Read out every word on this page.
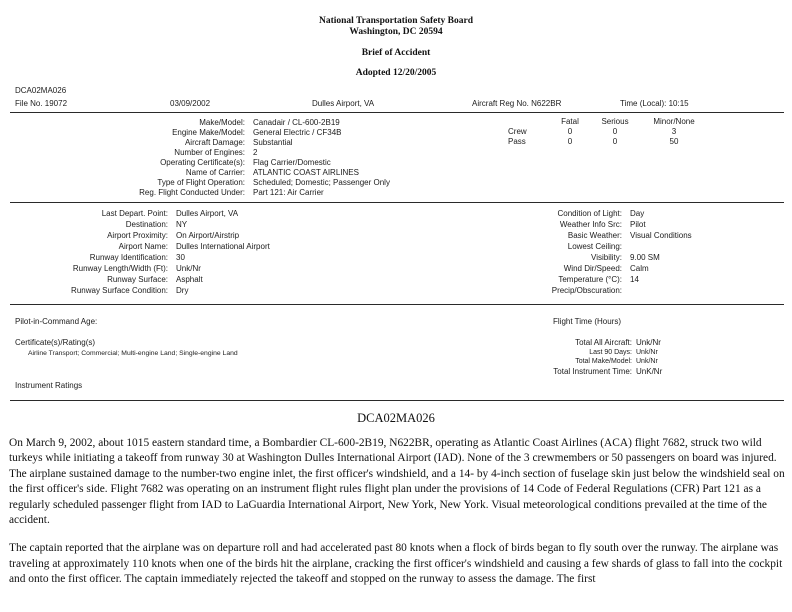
National Transportation Safety Board
Washington, DC 20594
Brief of Accident
Adopted 12/20/2005
DCA02MA026
File No. 19072	03/09/2002	Dulles Airport, VA	Aircraft Reg No. N622BR	Time (Local): 10:15
Make/Model: Canadair / CL-600-2B19
Engine Make/Model: General Electric / CF34B
Aircraft Damage: Substantial
Number of Engines: 2
Operating Certificate(s): Flag Carrier/Domestic
Name of Carrier: ATLANTIC COAST AIRLINES
Type of Flight Operation: Scheduled; Domestic; Passenger Only
Reg. Flight Conducted Under: Part 121: Air Carrier
Fatal	Serious	Minor/None
Crew	0	0	3
Pass	0	0	50
Last Depart. Point: Dulles Airport, VA
Destination: NY
Airport Proximity: On Airport/Airstrip
Airport Name: Dulles International Airport
Runway Identification: 30
Runway Length/Width (Ft): Unk/Nr
Runway Surface: Asphalt
Runway Surface Condition: Dry
Condition of Light: Day
Weather Info Src: Pilot
Basic Weather: Visual Conditions
Lowest Ceiling:
Visibility: 9.00 SM
Wind Dir/Speed: Calm
Temperature (°C): 14
Precip/Obscuration:
Pilot-in-Command Age:	Flight Time (Hours)
Certificate(s)/Rating(s)
Airline Transport; Commercial; Multi-engine Land; Single-engine Land
Total All Aircraft: Unk/Nr
Last 90 Days: Unk/Nr
Total Make/Model: Unk/Nr
Total Instrument Time: UnK/Nr
Instrument Ratings
DCA02MA026

On March 9, 2002, about 1015 eastern standard time, a Bombardier CL-600-2B19, N622BR, operating as Atlantic Coast Airlines (ACA) flight 7682, struck two wild turkeys while initiating a takeoff from runway 30 at Washington Dulles International Airport (IAD). None of the 3 crewmembers or 50 passengers on board was injured. The airplane sustained damage to the number-two engine inlet, the first officer's windshield, and a 14- by 4-inch section of fuselage skin just below the windshield seal on the first officer's side. Flight 7682 was operating on an instrument flight rules flight plan under the provisions of 14 Code of Federal Regulations (CFR) Part 121 as a regularly scheduled passenger flight from IAD to LaGuardia International Airport, New York, New York. Visual meteorological conditions prevailed at the time of the accident.

The captain reported that the airplane was on departure roll and had accelerated past 80 knots when a flock of birds began to fly south over the runway. The airplane was traveling at approximately 110 knots when one of the birds hit the airplane, cracking the first officer's windshield and causing a few shards of glass to fall into the cockpit and onto the first officer. The captain immediately rejected the takeoff and stopped on the runway to assess the damage. The first
